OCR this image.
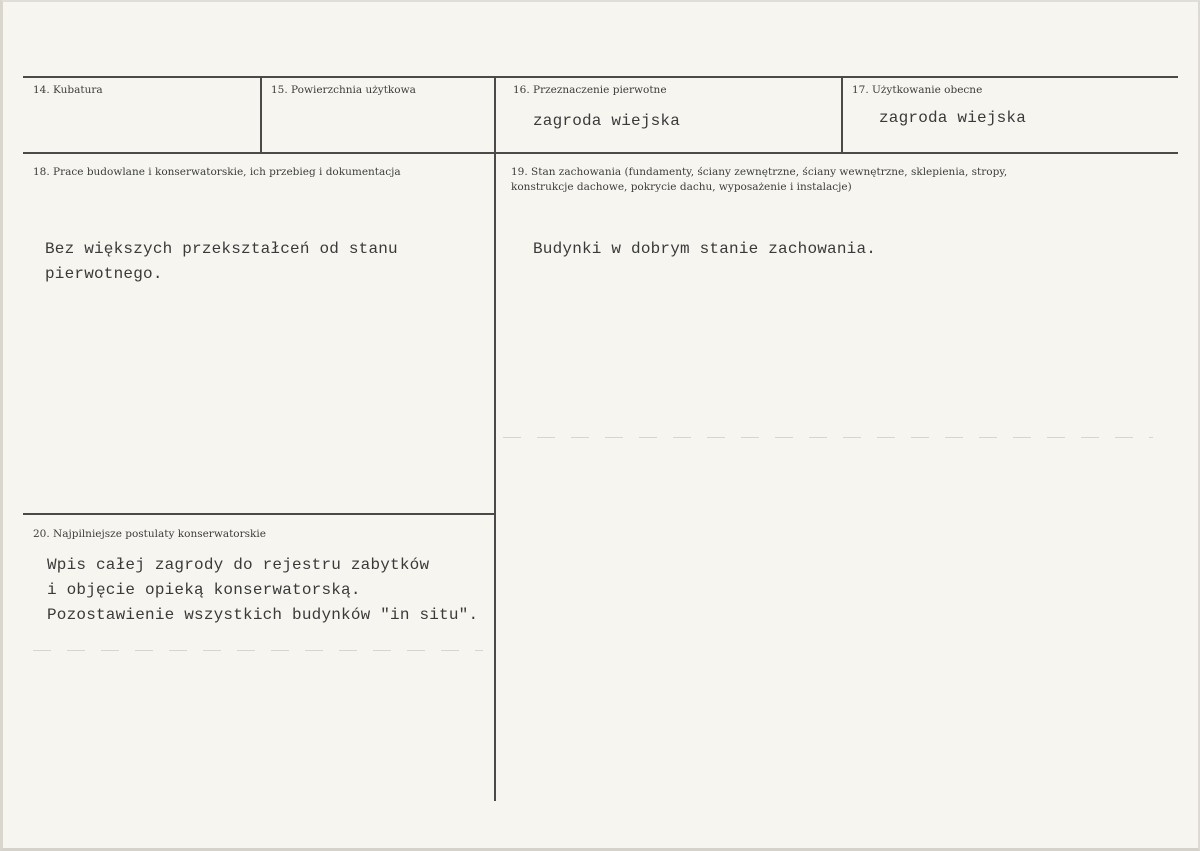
14. Kubatura	15. Powierzchnia użytkowa	16. Przeznaczenie pierwotne
zagroda wiejska
17. Użytkowanie obecne
zagroda wiejska
18. Prace budowlane i konserwatorskie, ich przebieg i dokumentacja
Bez większych przekształceń od stanu
pierwotnego.
19. Stan zachowania (fundamenty, ściany zewnętrzne, ściany wewnętrzne, sklepienia, stropy,
konstrukcje dachowe, pokrycie dachu, wyposażenie i instalacje)
Budynki w dobrym stanie zachowania.
20. Najpilniejsze postulaty konserwatorskie
Wpis całej zagrody do rejestru zabytków
i objęcie opieką konserwatorską.
Pozostawienie wszystkich budynków "in situ".
